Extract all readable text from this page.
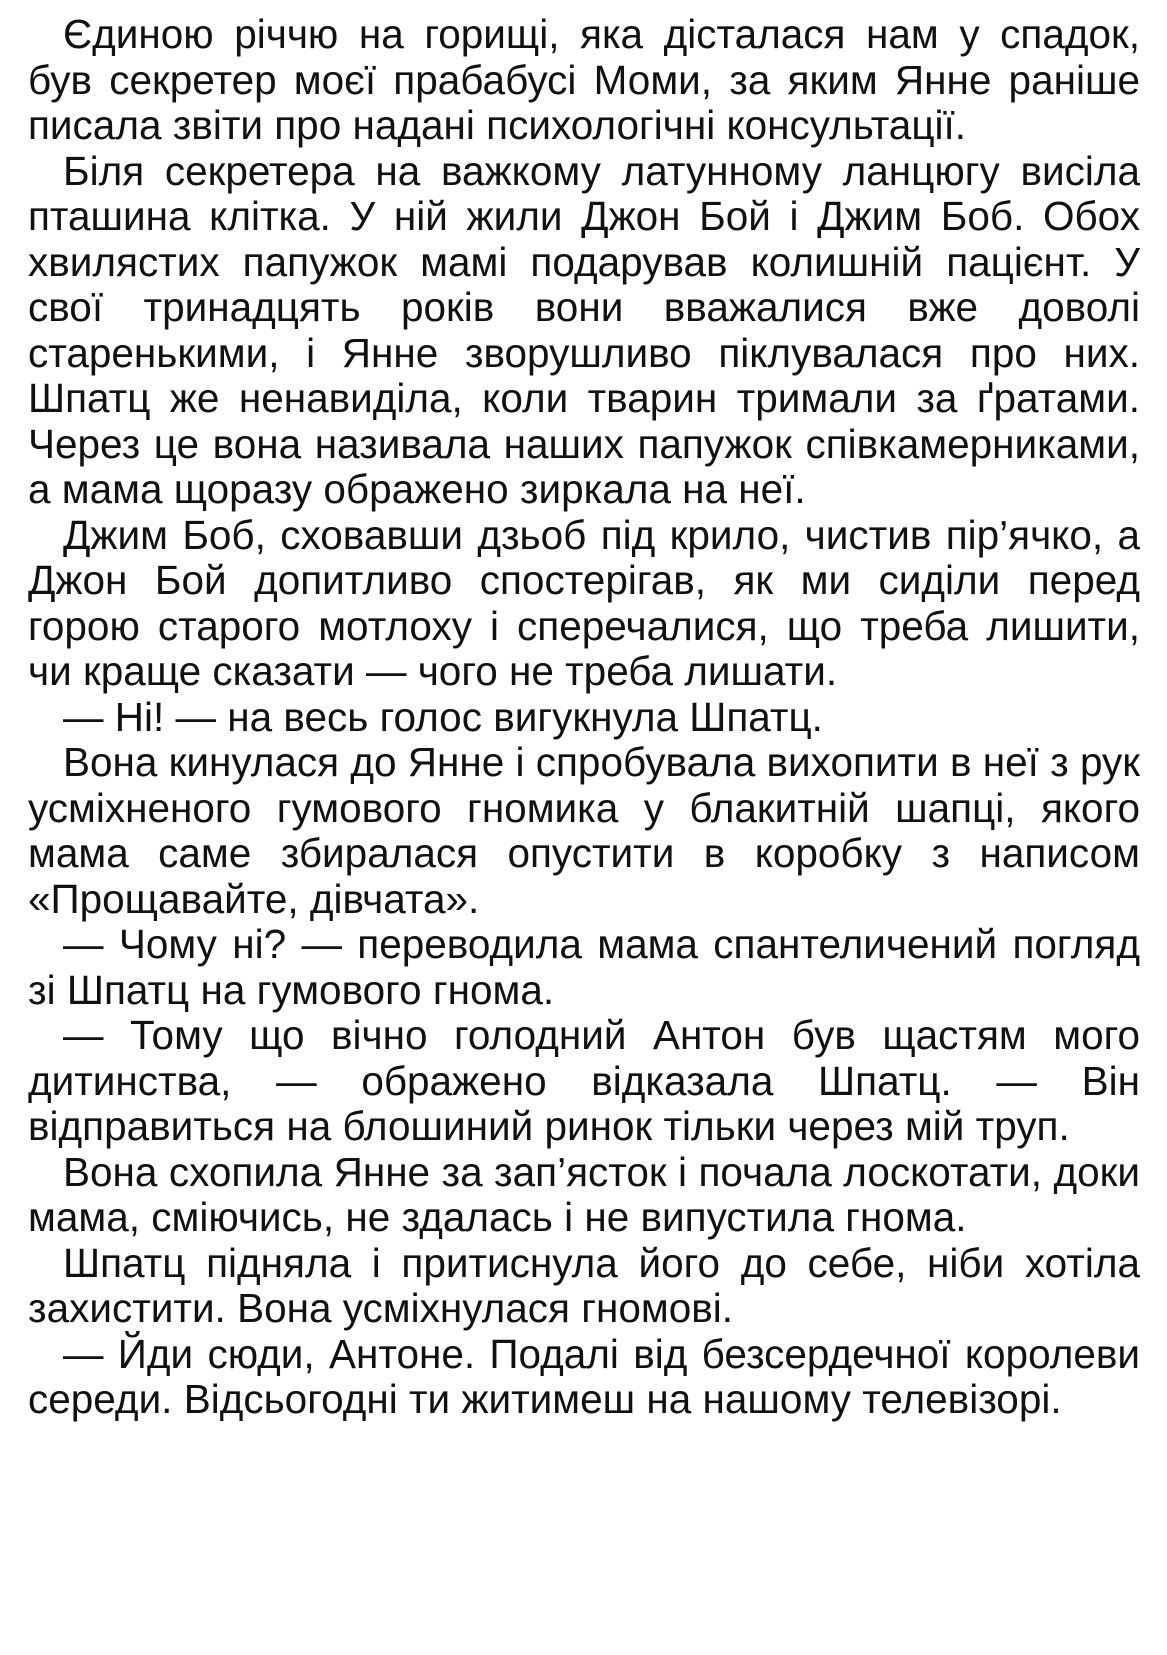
Єдиною річчю на горищі, яка дісталася нам у спадок, був секретер моєї прабабусі Моми, за яким Янне раніше писала звіти про надані психологічні консультації.

Біля секретера на важкому латунному ланцюгу висіла пташина клітка. У ній жили Джон Бой і Джим Боб. Обох хвилястих папужок мамі подарував колишній пацієнт. У свої тринадцять років вони вважалися вже доволі старенькими, і Янне зворушливо піклувалася про них. Шпатц же ненавиділа, коли тварин тримали за ґратами. Через це вона називала наших папужок співкамерниками, а мама щоразу ображено зиркала на неї.

Джим Боб, сховавши дзьоб під крило, чистив пір’ячко, а Джон Бой допитливо спостерігав, як ми сиділи перед горою старого мотлоху і сперечалися, що треба лишити, чи краще сказати — чого не треба лишати.

— Ні! — на весь голос вигукнула Шпатц.

Вона кинулася до Янне і спробувала вихопити в неї з рук усміхненого гумового гномика у блакитній шапці, якого мама саме збиралася опустити в коробку з написом «Прощавайте, дівчата».

— Чому ні? — переводила мама спантеличений погляд зі Шпатц на гумового гнома.

— Тому що вічно голодний Антон був щастям мого дитинства, — ображено відказала Шпатц. — Він відправиться на блошиний ринок тільки через мій труп.

Вона схопила Янне за зап’ясток і почала лоскотати, доки мама, сміючись, не здалась і не випустила гнома.

Шпатц підняла і притиснула його до себе, ніби хотіла захистити. Вона усміхнулася гномові.

— Йди сюди, Антоне. Подалі від безсердечної королеви середи. Відсьогодні ти житимеш на нашому телевізорі.
